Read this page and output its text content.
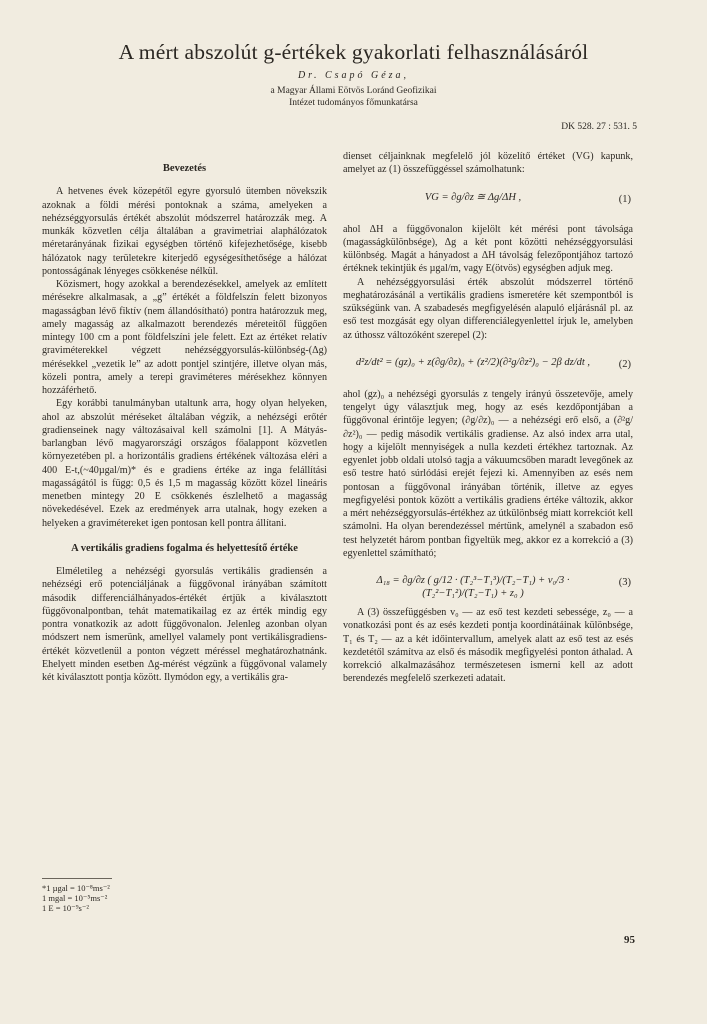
A mért abszolút g-értékek gyakorlati felhasználásáról
Dr. Csapó Géza,
a Magyar Állami Eötvös Loránd Geofizikai
Intézet tudományos főmunkatársa
DK 528. 27 : 531. 5
Bevezetés

A hetvenes évek közepétől egyre gyorsuló ütemben növekszik azoknak a földi mérési pontoknak a száma, amelyeken a nehézséggyorsulás értékét abszolút módszerrel határozzák meg. A munkák közvetlen célja általában a gravimetriai alaphálózatok méretarányának fizikai egységben történő kifejezhetősége, kisebb hálózatok nagy területekre kiterjedő egységesíthetősége a hálózat pontosságának lényeges csökkenése nélkül.

Közismert, hogy azokkal a berendezésekkel, amelyek az említett mérésekre alkalmasak, a „g” értékét a földfelszín felett bizonyos magasságban lévő fiktív (nem állandósítható) pontra határozzuk meg, amely magasság az alkalmazott berendezés méreteitől függően mintegy 100 cm a pont földfelszíni jele felett. Ezt az értéket relatív graviméterekkel végzett nehézséggyorsulás-különbség-(Δg) mérésekkel „vezetik le” az adott pontjel szintjére, illetve olyan más, közeli pontra, amely a terepi graviméteres mérésekhez könnyen hozzáférhető.

Egy korábbi tanulmányban utaltunk arra, hogy olyan helyeken, ahol az abszolút méréseket általában végzik, a nehézségi erőtér gradienseinek nagy változásaival kell számolni [1]. A Mátyás-barlangban lévő magyarországi országos főalappont közvetlen környezetében pl. a horizontális gradiens értékének változása eléri a 400 E-t,(~40µgal/m)* és e gradiens értéke az inga felállítási magasságától is függ: 0,5 és 1,5 m magasság között közel lineáris menetben mintegy 20 E csökkenés észlelhető a magasság növekedésével. Ezek az eredmények arra utalnak, hogy ezeken a helyeken a gravimétereket igen pontosan kell pontra állítani.

A vertikális gradiens fogalma és helyettesítő értéke

Elméletileg a nehézségi gyorsulás vertikális gradiensén a nehézségi erő potenciáljának a függővonal irányában számított második differenciálhányados-értékét értjük a kiválasztott függővonalpontban, tehát matematikailag ez az érték mindig egy pontra vonatkozik az adott függővonalon. Jelenleg azonban olyan módszert nem ismerünk, amellyel valamely pont vertikálisgradiens-értékét közvetlenül a ponton végzett méréssel meghatározhatnánk. Ehelyett minden esetben Δg-mérést végzünk a függővonal valamely két kiválasztott pontja között. Ilymódon egy, a vertikális gra-

*1 µgal = 10⁻⁸ms⁻²
1 mgal = 10⁻⁵ms⁻²
1 E = 10⁻⁹s⁻²

dienset céljainknak megfelelő jól közelítő értéket (VG) kapunk, amelyet az (1) összefüggéssel számolhatunk:

VG = ∂g/∂z ≅ Δg/ΔH ,	(1)

ahol ΔH a függővonalon kijelölt két mérési pont távolsága (magasságkülönbsége), Δg a két pont közötti nehézséggyorsulási különbség. Magát a hányadost a ΔH távolság felezőpontjához tartozó értéknek tekintjük és µgal/m, vagy E(ötvös) egységben adjuk meg.

A nehézséggyorsulási érték abszolút módszerrel történő meghatározásánál a vertikális gradiens ismeretére két szempontból is szükségünk van. A szabadesés megfigyelésén alapuló eljárásnál pl. az eső test mozgását egy olyan differenciálegyenlettel írjuk le, amelyben az úthossz változóként szerepel (2):

d²z/dt² = (gz)₀ + z(∂g/∂z)₀ + (z²/2)(∂²g/∂z²)₀ − 2β dz/dt ,	(2)

ahol (gz)₀ a nehézségi gyorsulás z tengely irányú összetevője, amely tengelyt úgy választjuk meg, hogy az esés kezdőpontjában a függővonal érintője legyen; (∂g/∂z)₀ — a nehézségi erő első, a (∂²g/∂z²)₀ — pedig második vertikális gradiense. Az alsó index arra utal, hogy a kijelölt mennyiségek a nulla kezdeti értékhez tartoznak. Az egyenlet jobb oldali utolsó tagja a vákuumcsőben maradt levegőnek az eső testre ható súrlódási erejét fejezi ki. Amennyiben az esés nem pontosan a függővonal irányában történik, illetve az egyes megfigyelési pontok között a vertikális gradiens értéke változik, akkor a mért nehézséggyorsulás-értékhez az útkülönbség miatt korrekciót kell számolni. Ha olyan berendezéssel mértünk, amelynél a szabadon eső test helyzetét három pontban figyeltük meg, akkor ez a korrekció a (3) egyenlettel számítható;

Δ₁₈ = ∂g/∂z ( g/12 · (T₂³−T₁³)/(T₂−T₁) + v₀/3 · (T₂²−T₁²)/(T₂−T₁) + z₀ )
(3)

A (3) összefüggésben v₀ — az eső test kezdeti sebessége, z₀ — a vonatkozási pont és az esés kezdeti pontja koordinátáinak különbsége, T₁ és T₂ — az a két időintervallum, amelyek alatt az eső test az esés kezdetétől számítva az első és második megfigyelési ponton áthalad. A korrekció alkalmazásához természetesen ismerni kell az adott berendezés megfelelő szerkezeti adatait.

95
